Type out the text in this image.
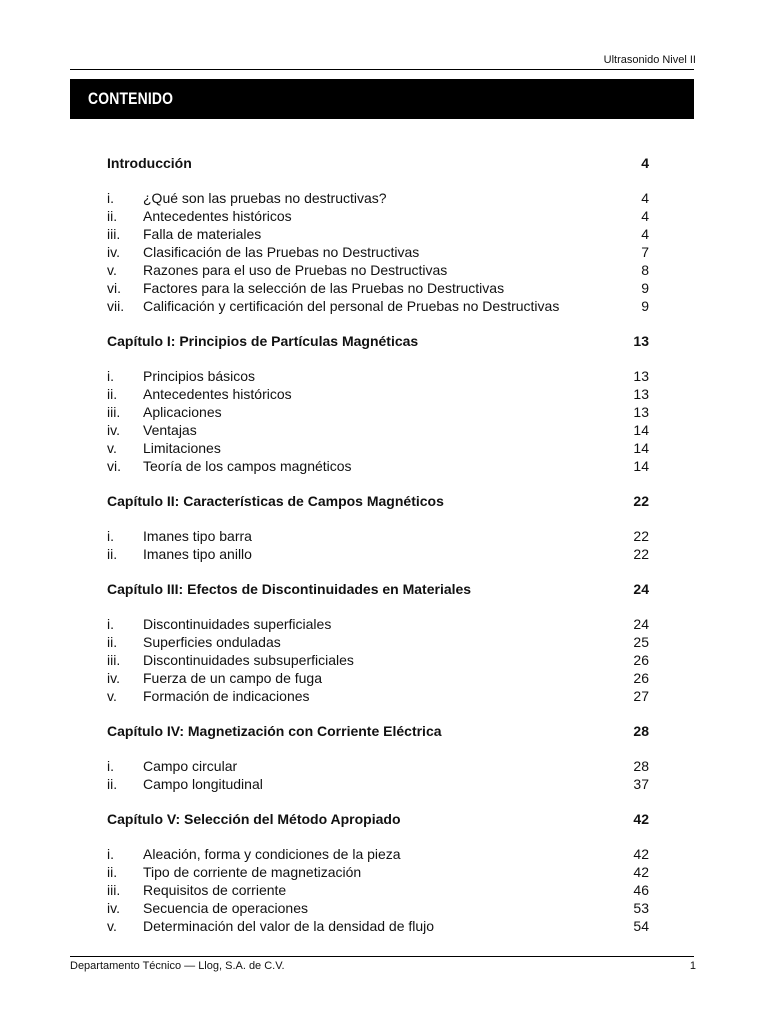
Ultrasonido Nivel II
CONTENIDO
Introducción	4
i.	¿Qué son las pruebas no destructivas?	4
ii.	Antecedentes históricos	4
iii.	Falla de materiales	4
iv.	Clasificación de las Pruebas no Destructivas	7
v.	Razones para el uso de Pruebas no Destructivas	8
vi.	Factores para la selección de las Pruebas no Destructivas	9
vii.	Calificación y certificación del personal de Pruebas no Destructivas	9
Capítulo I: Principios de Partículas Magnéticas	13
i.	Principios básicos	13
ii.	Antecedentes históricos	13
iii.	Aplicaciones	13
iv.	Ventajas	14
v.	Limitaciones	14
vi.	Teoría de los campos magnéticos	14
Capítulo II: Características de Campos Magnéticos	22
i.	Imanes tipo barra	22
ii.	Imanes tipo anillo	22
Capítulo III: Efectos de Discontinuidades en Materiales	24
i.	Discontinuidades superficiales	24
ii.	Superficies onduladas	25
iii.	Discontinuidades subsuperficiales	26
iv.	Fuerza de un campo de fuga	26
v.	Formación de indicaciones	27
Capítulo IV: Magnetización con Corriente Eléctrica	28
i.	Campo circular	28
ii.	Campo longitudinal	37
Capítulo V: Selección del Método Apropiado	42
i.	Aleación, forma y condiciones de la pieza	42
ii.	Tipo de corriente de magnetización	42
iii.	Requisitos de corriente	46
iv.	Secuencia de operaciones	53
v.	Determinación del valor de la densidad de flujo	54
Departamento Técnico — Llog, S.A. de C.V.	1
